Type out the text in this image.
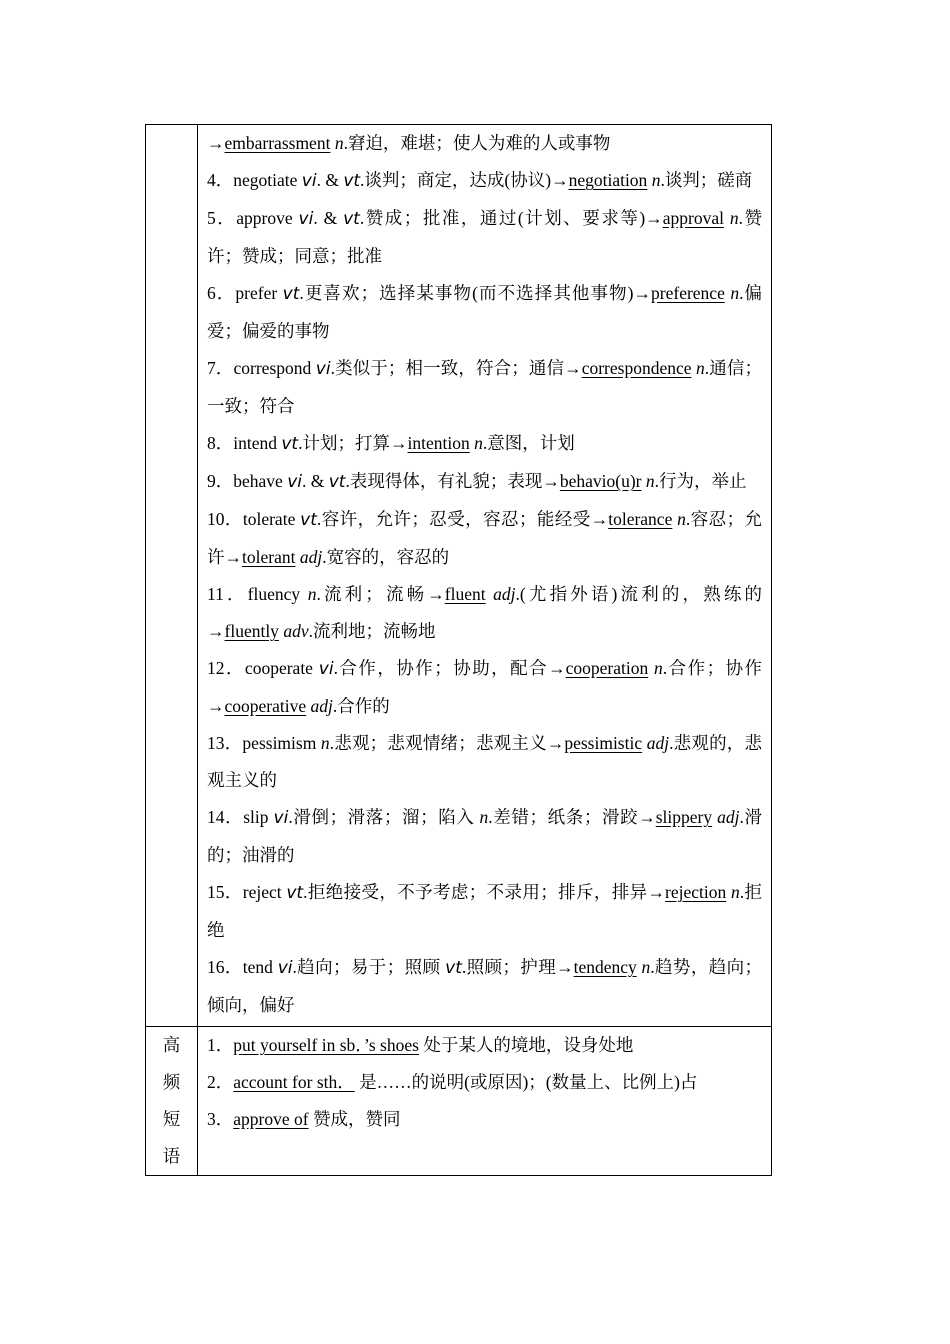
→embarrassment n.窘迫，难堪；使人为难的人或事物
4．negotiate vi. & vt.谈判；商定，达成(协议)→negotiation n.谈判；磋商
5．approve vi. & vt.赞成；批准，通过(计划、要求等)→approval n.赞许；赞成；同意；批准
6．prefer vt.更喜欢；选择某事物(而不选择其他事物)→preference n.偏爱；偏爱的事物
7．correspond vi.类似于；相一致，符合；通信→correspondence n.通信；一致；符合
8．intend vt.计划；打算→intention n.意图，计划
9．behave vi. & vt.表现得体，有礼貌；表现→behavio(u)r n.行为，举止
10．tolerate vt.容许，允许；忍受，容忍；能经受→tolerance n.容忍；允许→tolerant adj.宽容的，容忍的
11．fluency n.流利；流畅→fluent adj.(尤指外语)流利的，熟练的→fluently adv.流利地；流畅地
12．cooperate vi.合作，协作；协助，配合→cooperation n.合作；协作→cooperative adj.合作的
13．pessimism n.悲观；悲观情绪；悲观主义→pessimistic adj.悲观的，悲观主义的
14．slip vi.滑倒；滑落；溜；陷入 n.差错；纸条；滑跤→slippery adj.滑的；油滑的
15．reject vt.拒绝接受，不予考虑；不录用；排斥，排异→rejection n.拒绝
16．tend vi.趋向；易于；照顾 vt.照顾；护理→tendency n.趋势，趋向；倾向，偏好
高
频
短
语
1．put yourself in sb．’s shoes 处于某人的境地，设身处地
2．account for sth． 是……的说明(或原因)；(数量上、比例上)占
3．approve of 赞成，赞同
